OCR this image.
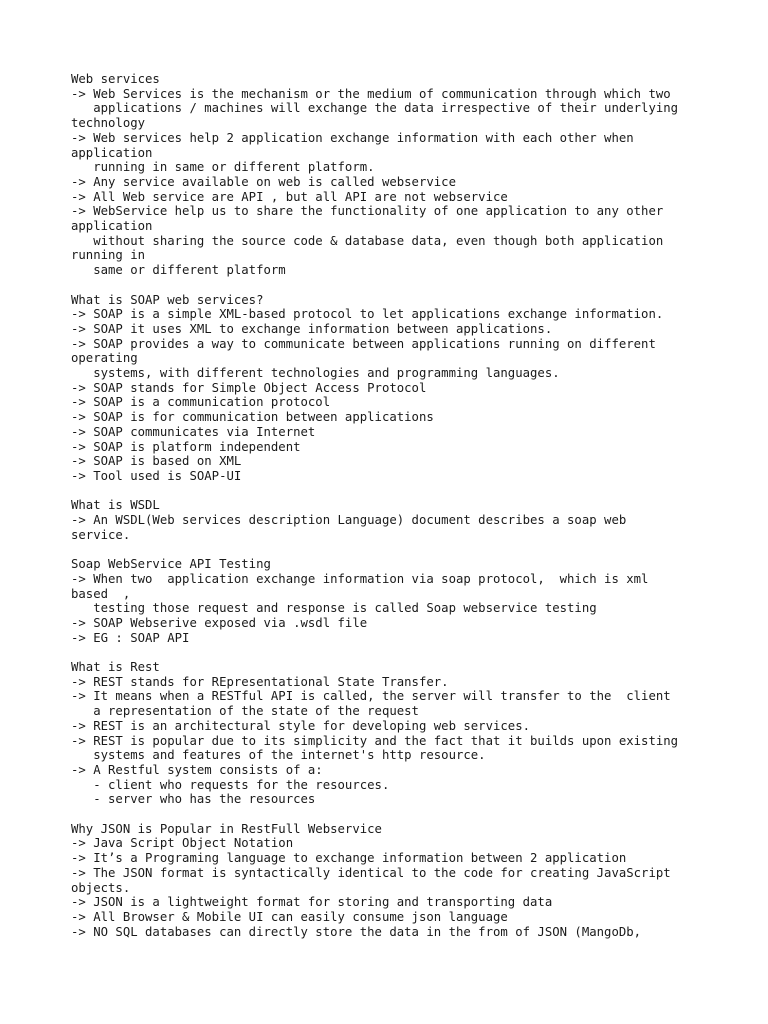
Web services

-> Web Services is the mechanism or the medium of communication through which two

applications / machines will exchange the data irrespective of their underlying

technology

-> Web services help 2 application exchange information with each other when

application

running in same or different platform.

-> Any service available on web is called webservice

-> All Web service are API , but all API are not webservice

-> WebService help us to share the functionality of one application to any other

application

without sharing the source code & database data, even though both application

running in

same or different platform

What is SOAP web services?

-> SOAP is a simple XML-based protocol to let applications exchange information.

-> SOAP it uses XML to exchange information between applications.

-> SOAP provides a way to communicate between applications running on different

operating

systems, with different technologies and programming languages.

-> SOAP stands for Simple Object Access Protocol

-> SOAP is a communication protocol

-> SOAP is for communication between applications

-> SOAP communicates via Internet

-> SOAP is platform independent

-> SOAP is based on XML

-> Tool used is SOAP-UI

What is WSDL

-> An WSDL(Web services description Language) document describes a soap web

service.

Soap WebService API Testing

-> When two  application exchange information via soap protocol,  which is xml

based  ,

testing those request and response is called Soap webservice testing

-> SOAP Webserive exposed via .wsdl file

-> EG : SOAP API

What is Rest

-> REST stands for REpresentational State Transfer.

-> It means when a RESTful API is called, the server will transfer to the  client

a representation of the state of the request

-> REST is an architectural style for developing web services.

-> REST is popular due to its simplicity and the fact that it builds upon existing

systems and features of the internet's http resource.

-> A Restful system consists of a:

- client who requests for the resources.

- server who has the resources

Why JSON is Popular in RestFull Webservice

-> Java Script Object Notation

-> It’s a Programing language to exchange information between 2 application

-> The JSON format is syntactically identical to the code for creating JavaScript

objects.

-> JSON is a lightweight format for storing and transporting data

-> All Browser & Mobile UI can easily consume json language

-> NO SQL databases can directly store the data in the from of JSON (MangoDb,
